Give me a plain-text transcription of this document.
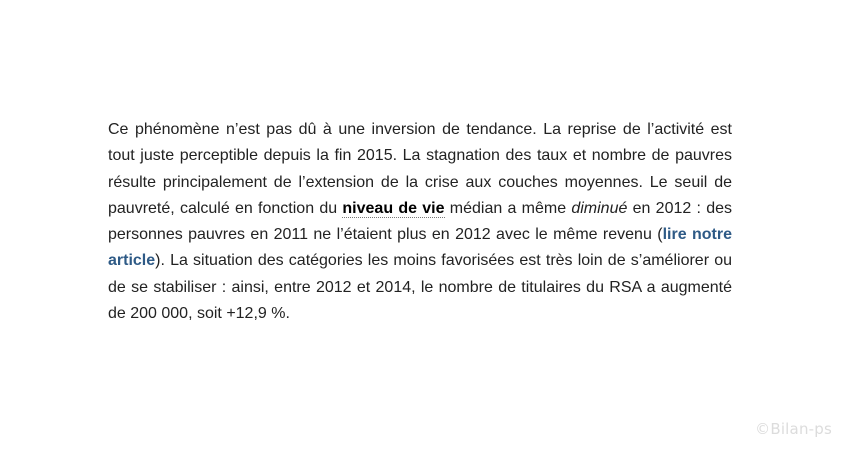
Ce phénomène n’est pas dû à une inversion de tendance. La reprise de l’activité est tout juste perceptible depuis la fin 2015. La stagnation des taux et nombre de pauvres résulte principalement de l’extension de la crise aux couches moyennes. Le seuil de pauvreté, calculé en fonction du niveau de vie médian a même diminué en 2012 : des personnes pauvres en 2011 ne l’étaient plus en 2012 avec le même revenu (lire notre article). La situation des catégories les moins favorisées est très loin de s’améliorer ou de se stabiliser : ainsi, entre 2012 et 2014, le nombre de titulaires du RSA a augmenté de 200 000, soit +12,9 %.

©Bilan-ps
